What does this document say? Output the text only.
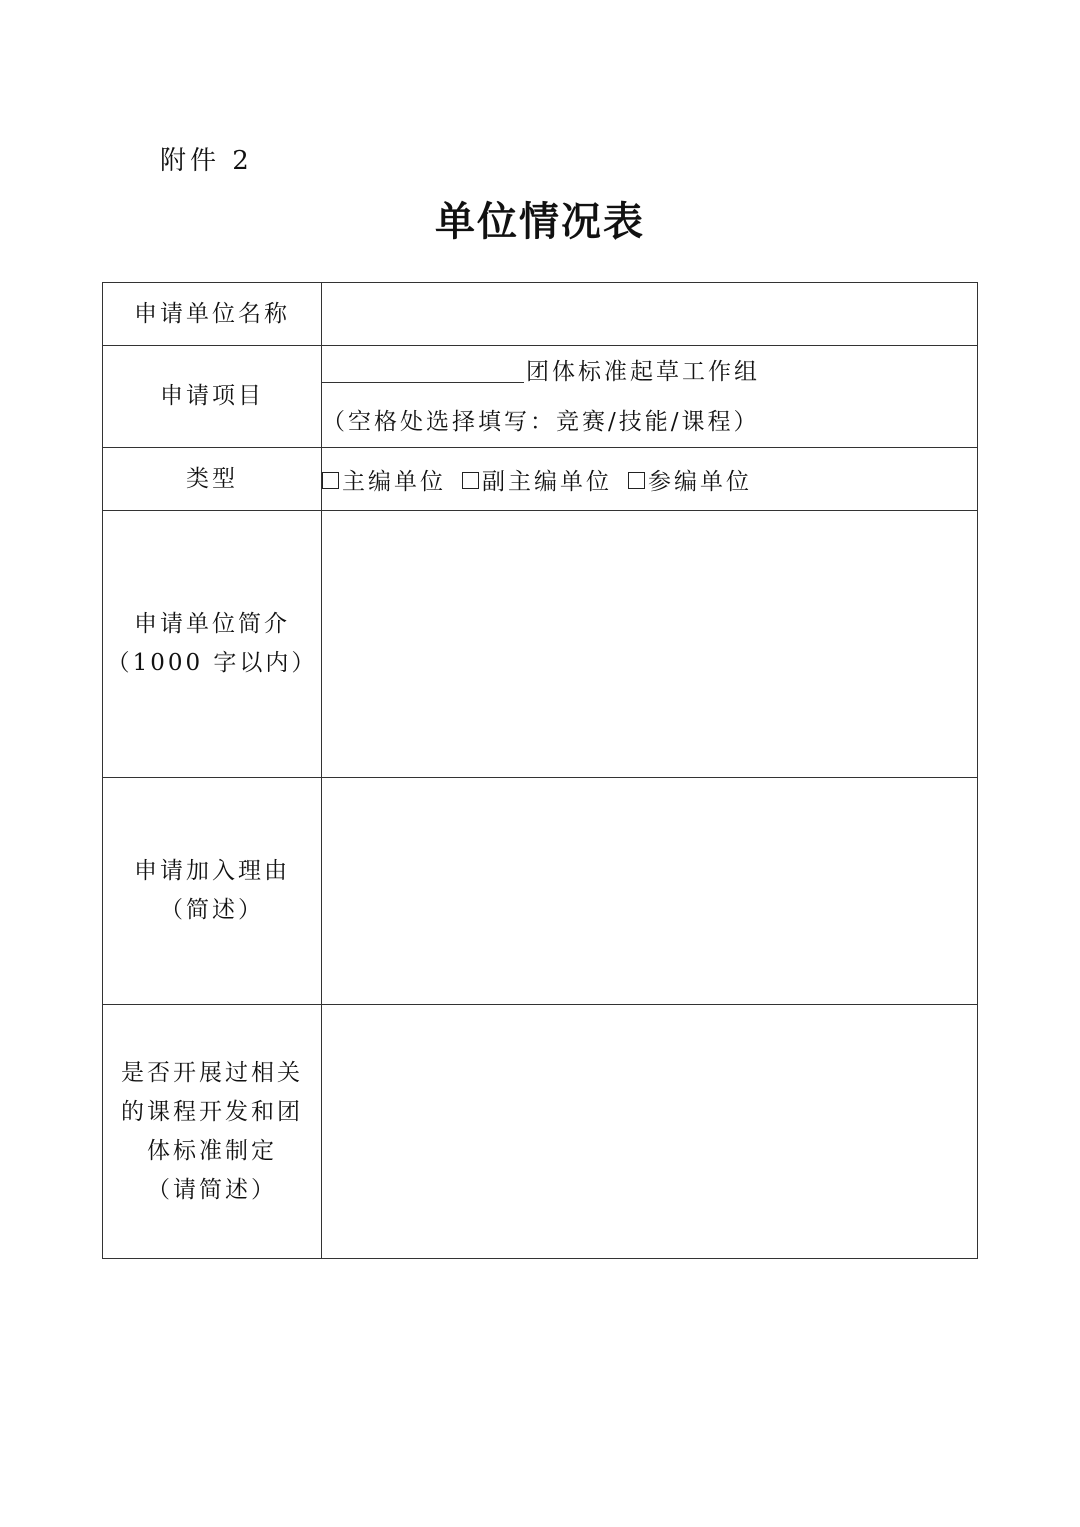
附件 2
单位情况表
申请单位名称	
申请项目	团体标准起草工作组
（空格处选择填写：竞赛/技能/课程）

类型	主编单位 副主编单位 参编单位

申请单位简介
（1000 字以内）	

申请加入理由
（简述）	

是否开展过相关
的课程开发和团
体标准制定
（请简述）	
